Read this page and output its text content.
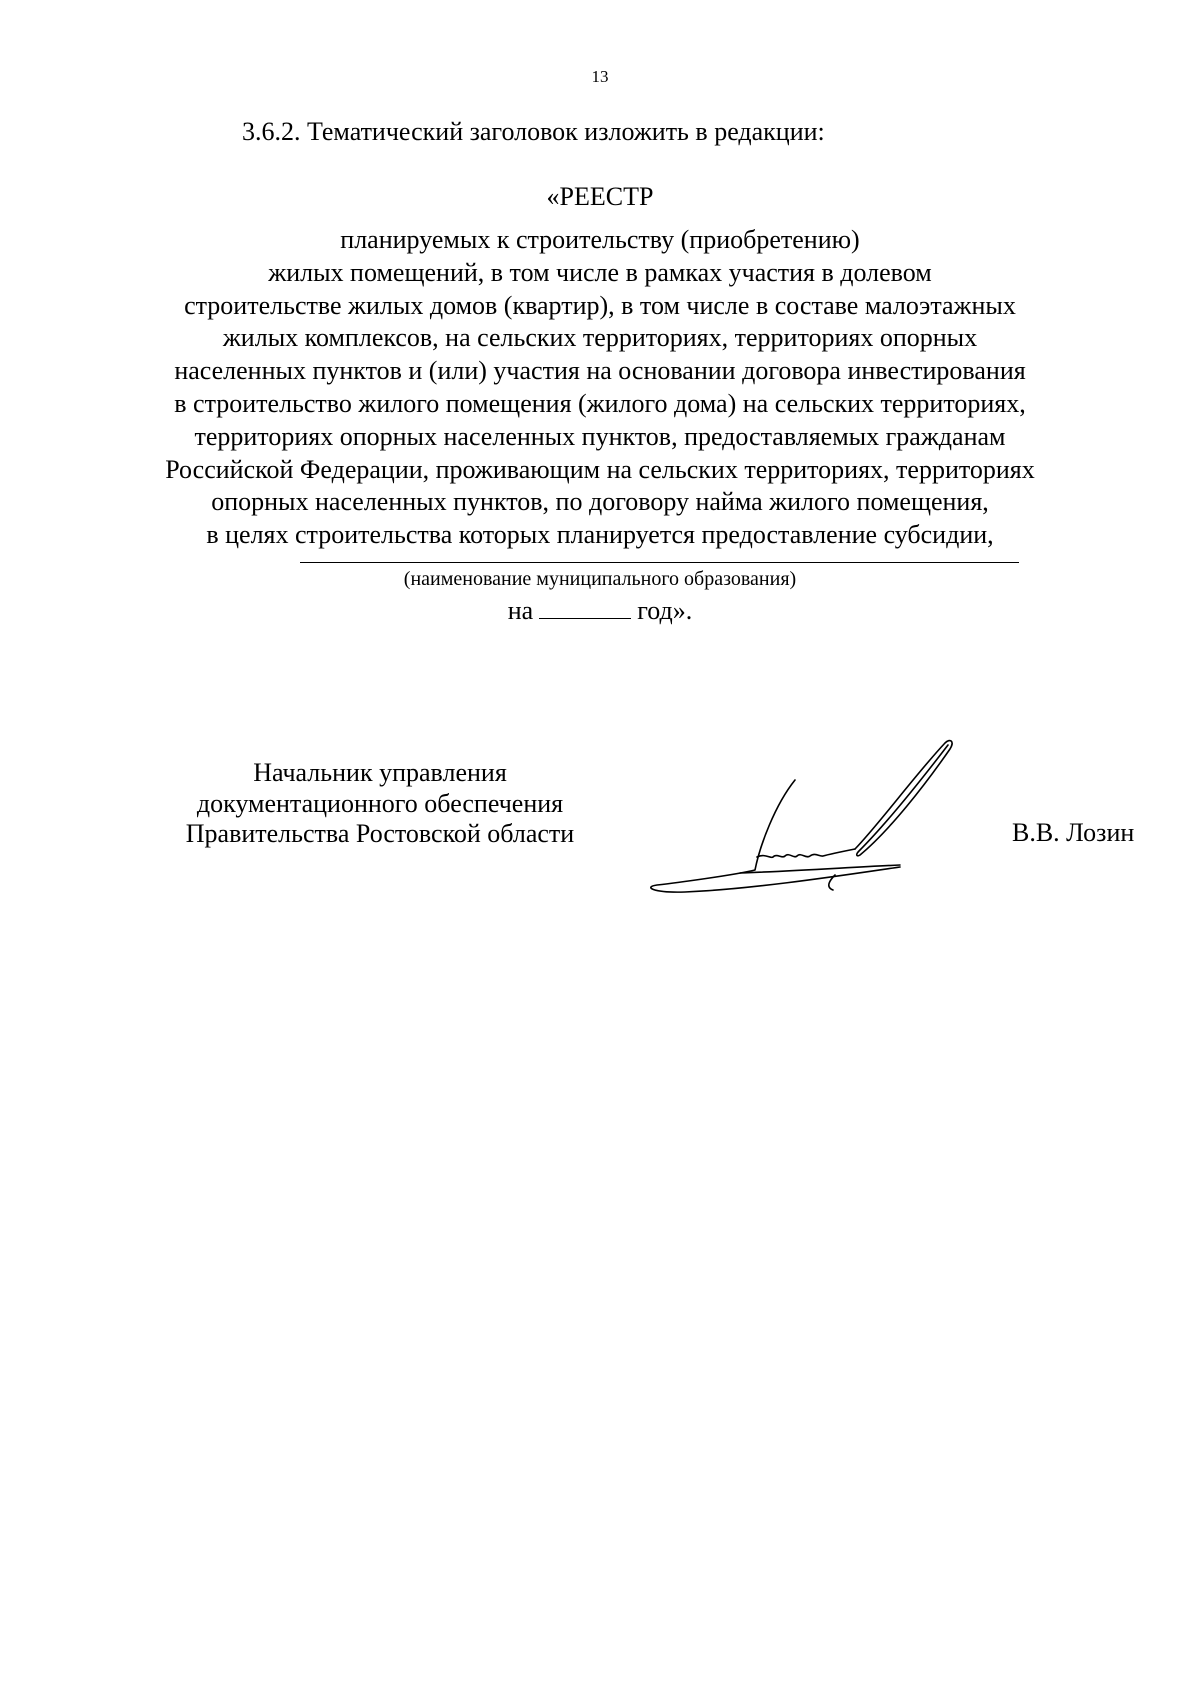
13
3.6.2. Тематический заголовок изложить в редакции:
«РЕЕСТР
планируемых к строительству (приобретению)
жилых помещений, в том числе в рамках участия в долевом
строительстве жилых домов (квартир), в том числе в составе малоэтажных
жилых комплексов, на сельских территориях, территориях опорных
населенных пунктов и (или) участия на основании договора инвестирования
в строительство жилого помещения (жилого дома) на сельских территориях,
территориях опорных населенных пунктов, предоставляемых гражданам
Российской Федерации, проживающим на сельских территориях, территориях
опорных населенных пунктов, по договору найма жилого помещения,
в целях строительства которых планируется предоставление субсидии,
(наименование муниципального образования)
на	год».
Начальник управления
документационного обеспечения
Правительства Ростовской области	В.В. Лозин
